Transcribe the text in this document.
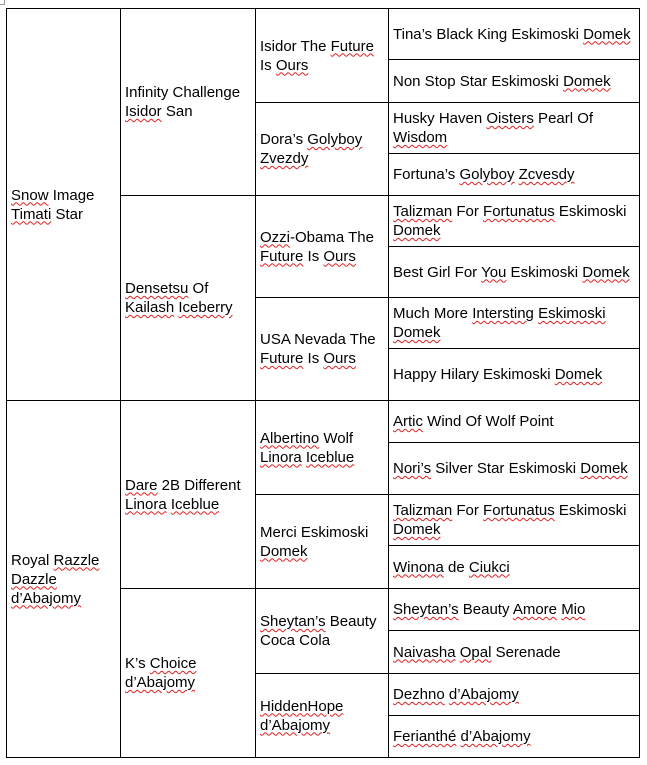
Snow Image Timati Star	Infinity Challenge Isidor San	Isidor The Future Is Ours	Tina’s Black King Eskimoski Domek
			Non Stop Star Eskimoski Domek
		Dora’s Golyboy Zvezdy	Husky Haven Oisters Pearl Of Wisdom
			Fortuna’s Golyboy Zcvesdy
	Densetsu Of Kailash Iceberry	Ozzi-Obama The Future Is Ours	Talizman For Fortunatus Eskimoski Domek
			Best Girl For You Eskimoski Domek
		USA Nevada The Future Is Ours	Much More Intersting Eskimoski Domek
			Happy Hilary Eskimoski Domek
Royal Razzle Dazzle d’Abajomy	Dare 2B Different Linora Iceblue	Albertino Wolf Linora Iceblue	Artic Wind Of Wolf Point
			Nori’s Silver Star Eskimoski Domek
		Merci Eskimoski Domek	Talizman For Fortunatus Eskimoski Domek
			Winona de Ciukci
	K’s Choice d’Abajomy	Sheytan’s Beauty Coca Cola	Sheytan’s Beauty Amore Mio
			Naivasha Opal Serenade
		HiddenHope d’Abajomy	Dezhno d’Abajomy
			Ferianthé d’Abajomy
